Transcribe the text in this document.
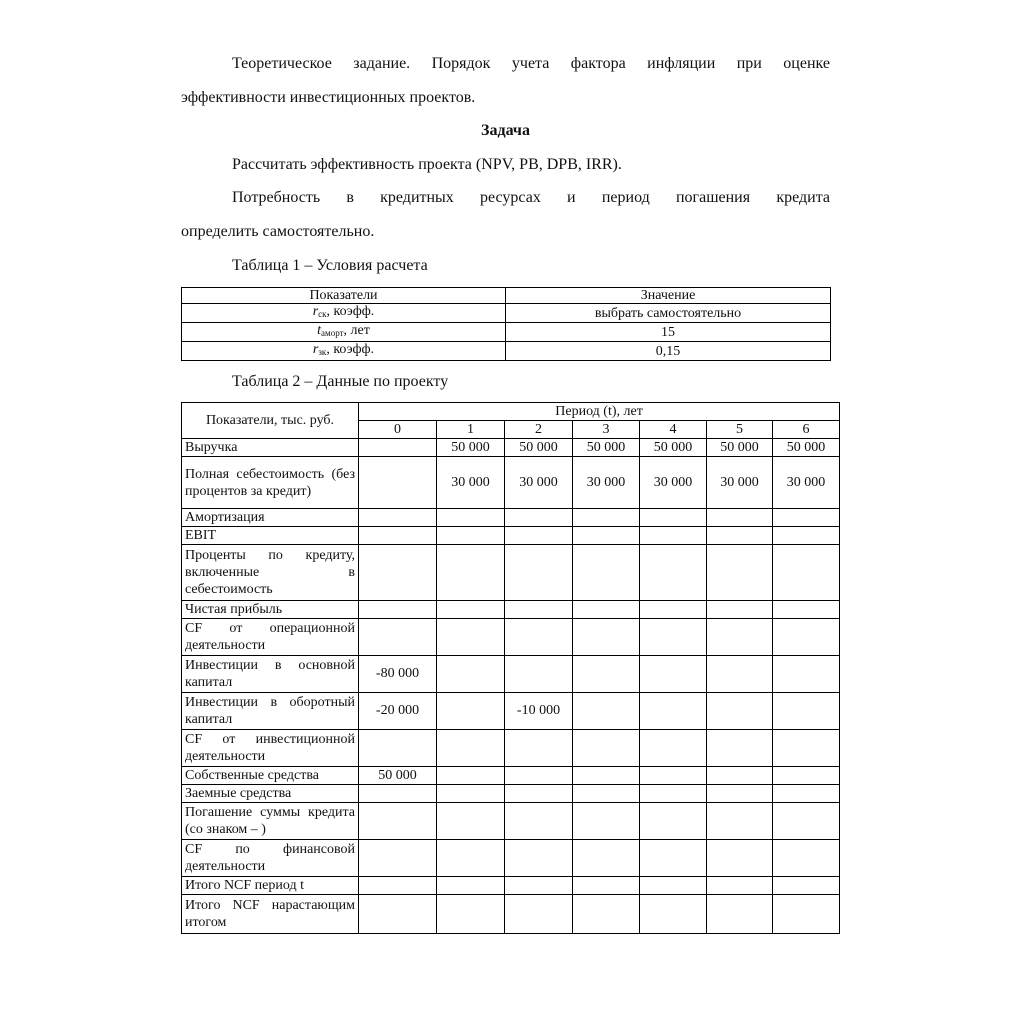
Теоретическое задание. Порядок учета фактора инфляции при оценке
эффективности инвестиционных проектов.
Задача
Рассчитать эффективность проекта (NPV, PB, DPB, IRR).
Потребность в кредитных ресурсах и период погашения кредита
определить самостоятельно.
Таблица 1 – Условия расчета
Показатели	Значение
$r_{ск}$, коэфф.	выбрать самостоятельно
$t_{аморт}$, лет	15
$r_{зк}$, коэфф.	0,15
Таблица 2 – Данные по проекту
Показатели, тыс. руб.	Период (t), лет						
	0	1	2	3	4	5	6
Выручка		50 000	50 000	50 000	50 000	50 000	50 000
Полная себестоимость (без процентов за кредит)		30 000	30 000	30 000	30 000	30 000	30 000
Амортизация							
EBIT							
Проценты по кредиту, включенные в себестоимость							
Чистая прибыль							
CF от операционной деятельности							
Инвестиции в основной капитал	-80 000						
Инвестиции в оборотный капитал	-20 000		-10 000				
CF от инвестиционной деятельности							
Собственные средства	50 000						
Заемные средства							
Погашение суммы кредита (со знаком – )							
CF по финансовой деятельности							
Итого NCF период t							
Итого NCF нарастающим итогом							
